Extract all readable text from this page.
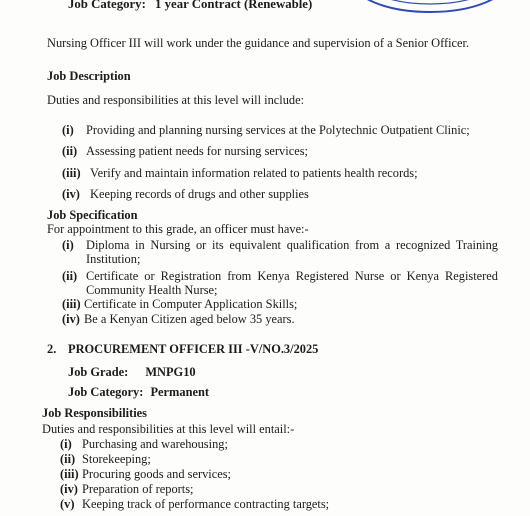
Job Category: 1 year Contract (Renewable)
Nursing Officer III will work under the guidance and supervision of a Senior Officer.
Job Description
Duties and responsibilities at this level will include:
(i) Providing and planning nursing services at the Polytechnic Outpatient Clinic;
(ii) Assessing patient needs for nursing services;
(iii) Verify and maintain information related to patients health records;
(iv) Keeping records of drugs and other supplies
Job Specification
For appointment to this grade, an officer must have:-
(i) Diploma in Nursing or its equivalent qualification from a recognized Training Institution;
(ii) Certificate or Registration from Kenya Registered Nurse or Kenya Registered Community Health Nurse;
(iii) Certificate in Computer Application Skills;
(iv) Be a Kenyan Citizen aged below 35 years.
2. PROCUREMENT OFFICER III -V/NO.3/2025
Job Grade: MNPG10
Job Category: Permanent
Job Responsibilities
Duties and responsibilities at this level will entail:-
(i) Purchasing and warehousing;
(ii) Storekeeping;
(iii) Procuring goods and services;
(iv) Preparation of reports;
(v) Keeping track of performance contracting targets;
